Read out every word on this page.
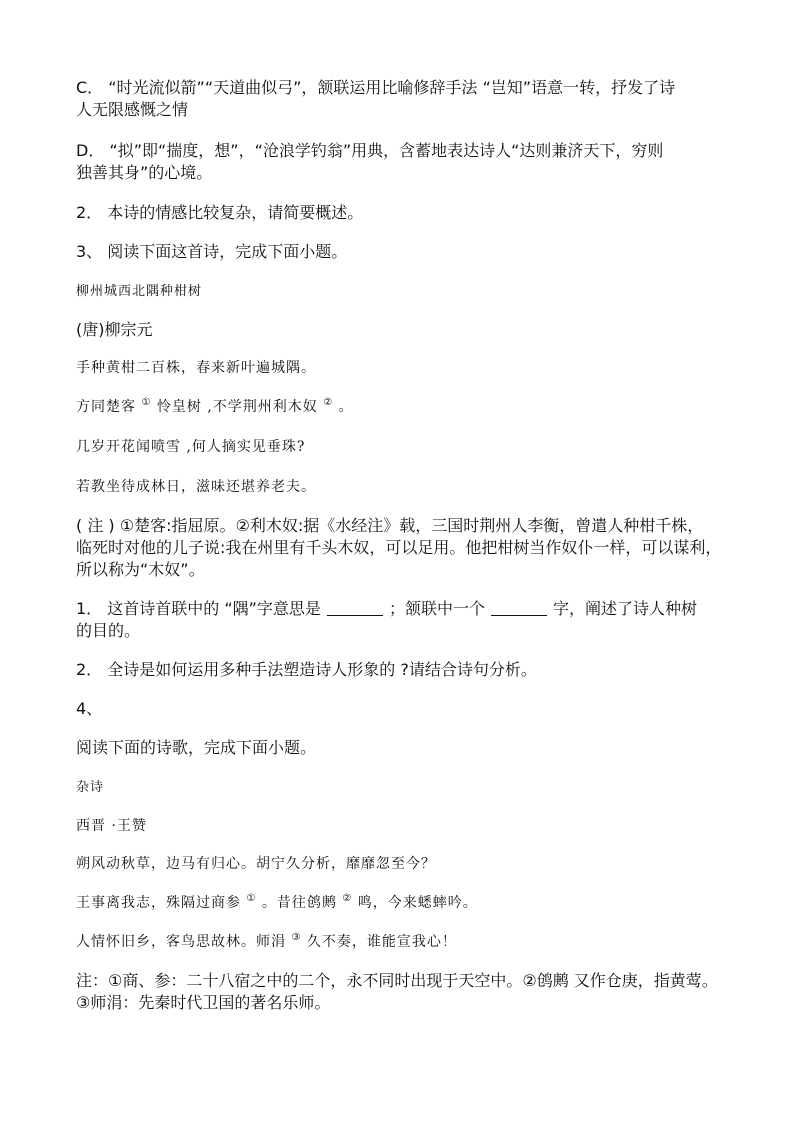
C． “时光流似箭”“天道曲似弓”，颔联运用比喻修辞手法 “岂知”语意一转，抒发了诗
人无限感慨之情
D． “拟”即“揣度，想”，“沧浪学钓翁”用典，含蓄地表达诗人“达则兼济天下，穷则
独善其身”的心境。
2． 本诗的情感比较复杂，请简要概述。
3、 阅读下面这首诗，完成下面小题。
柳州城西北隅种柑树
(唐)柳宗元
手种黄柑二百株，春来新叶遍城隅。
方同楚客 ① 怜皇树 ,不学荆州利木奴 ② 。
几岁开花闻喷雪 ,何人摘实见垂珠?
若教坐待成林日，滋味还堪养老夫。
( 注 ) ①楚客:指屈原。②利木奴:据《水经注》载，三国时荆州人李衡，曾遣人种柑千株，
临死时对他的儿子说:我在州里有千头木奴，可以足用。他把柑树当作奴仆一样，可以谋利，
所以称为“木奴”。
1． 这首诗首联中的 “隅”字意思是	；颔联中一个	字，阐述了诗人种树
的目的。
2． 全诗是如何运用多种手法塑造诗人形象的 ?请结合诗句分析。
4、
阅读下面的诗歌，完成下面小题。
杂诗
西晋 ·王赞
朔风动秋草，边马有归心。胡宁久分析，靡靡忽至今？
王事离我志，殊隔过商参 ① 。昔往鸧鹒 ② 鸣，今来蟋蟀吟。
人情怀旧乡，客鸟思故林。师涓 ③ 久不奏，谁能宣我心！
注：①商、参：二十八宿之中的二个，永不同时出现于天空中。②鸧鹒 又作仓庚，指黄莺。
③师涓：先秦时代卫国的著名乐师。
